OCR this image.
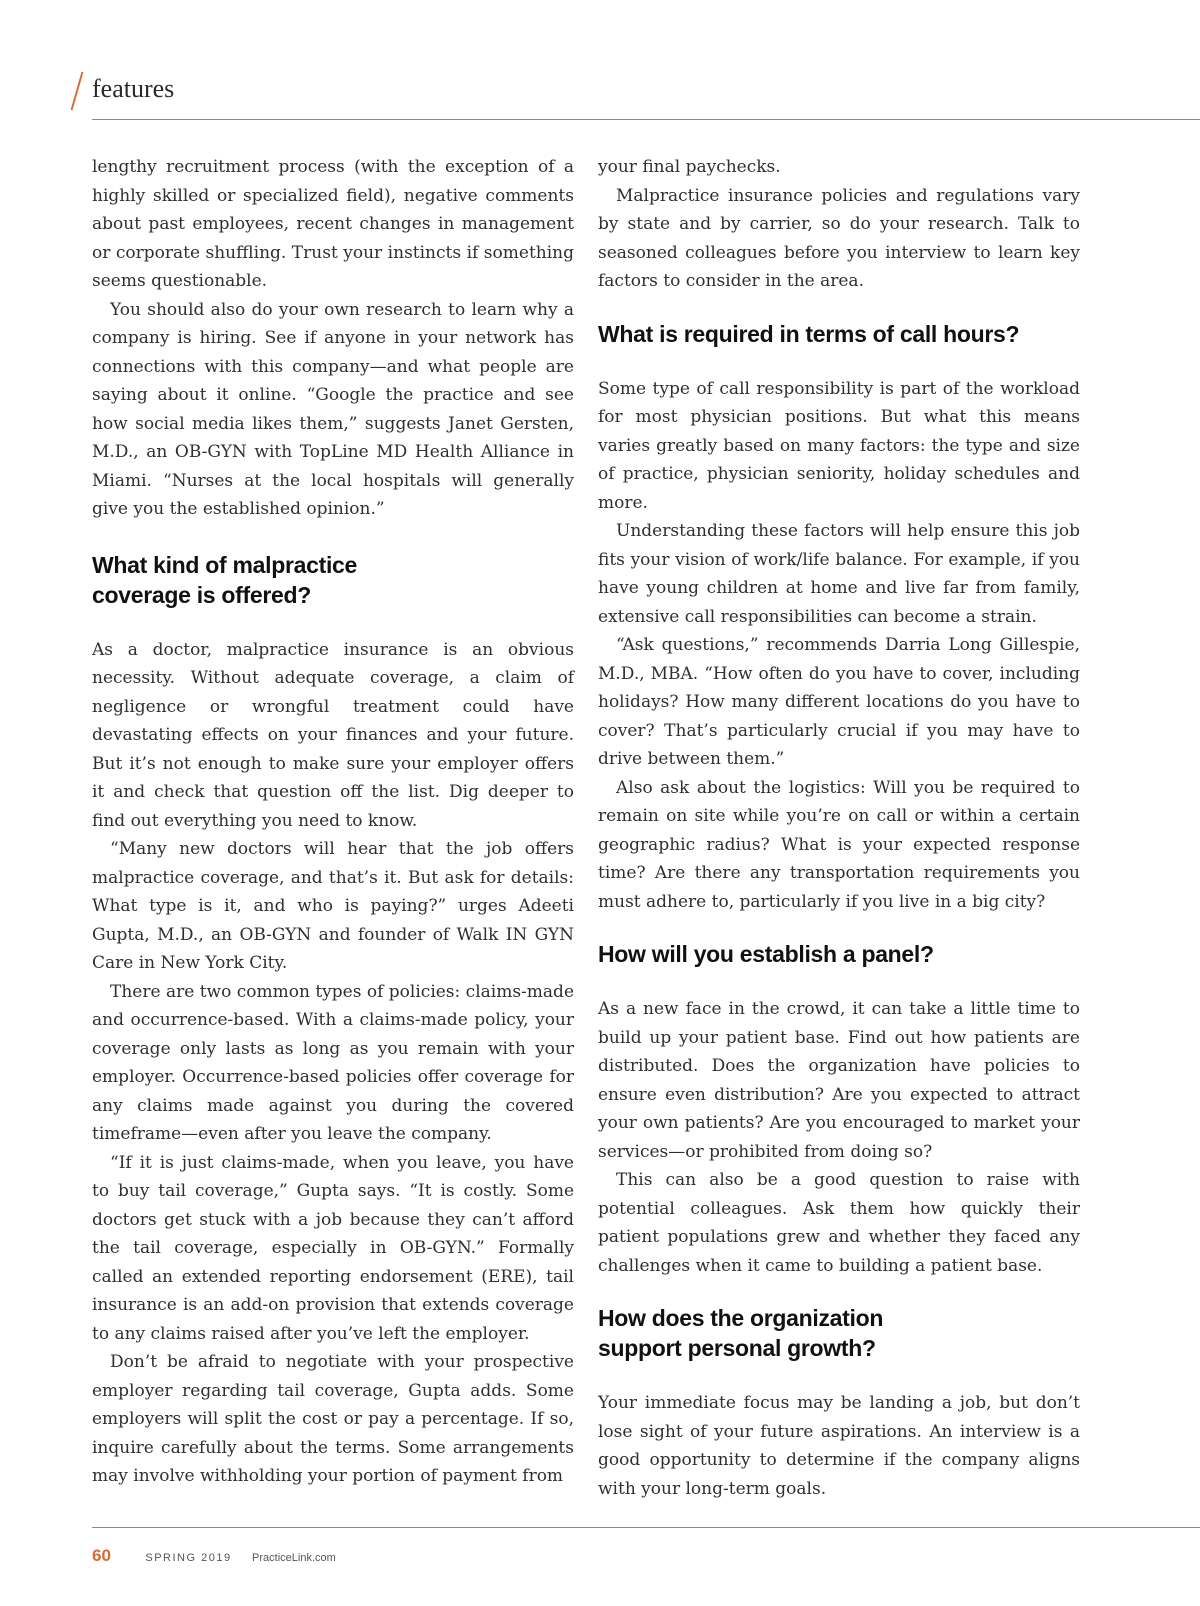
features

lengthy recruitment process (with the exception of a highly skilled or specialized field), negative comments about past employees, recent changes in management or corporate shuffling. Trust your instincts if something seems questionable.

You should also do your own research to learn why a company is hiring. See if anyone in your network has connections with this company—and what people are saying about it online. “Google the practice and see how social media likes them,” suggests Janet Gersten, M.D., an OB-GYN with TopLine MD Health Alliance in Miami. “Nurses at the local hospitals will generally give you the established opinion.”

What kind of malpractice coverage is offered?

As a doctor, malpractice insurance is an obvious necessity. Without adequate coverage, a claim of negligence or wrongful treatment could have devastating effects on your finances and your future. But it’s not enough to make sure your employer offers it and check that question off the list. Dig deeper to find out everything you need to know.

“Many new doctors will hear that the job offers malpractice coverage, and that’s it. But ask for details: What type is it, and who is paying?” urges Adeeti Gupta, M.D., an OB-GYN and founder of Walk IN GYN Care in New York City.

There are two common types of policies: claims-made and occurrence-based. With a claims-made policy, your coverage only lasts as long as you remain with your employer. Occurrence-based policies offer coverage for any claims made against you during the covered timeframe—even after you leave the company.

“If it is just claims-made, when you leave, you have to buy tail coverage,” Gupta says. “It is costly. Some doctors get stuck with a job because they can’t afford the tail coverage, especially in OB-GYN.” Formally called an extended reporting endorsement (ERE), tail insurance is an add-on provision that extends coverage to any claims raised after you’ve left the employer.

Don’t be afraid to negotiate with your prospective employer regarding tail coverage, Gupta adds. Some employers will split the cost or pay a percentage. If so, inquire carefully about the terms. Some arrangements may involve withholding your portion of payment from

your final paychecks.

Malpractice insurance policies and regulations vary by state and by carrier, so do your research. Talk to seasoned colleagues before you interview to learn key factors to consider in the area.

What is required in terms of call hours?

Some type of call responsibility is part of the workload for most physician positions. But what this means varies greatly based on many factors: the type and size of practice, physician seniority, holiday schedules and more.

Understanding these factors will help ensure this job fits your vision of work/life balance. For example, if you have young children at home and live far from family, extensive call responsibilities can become a strain.

“Ask questions,” recommends Darria Long Gillespie, M.D., MBA. “How often do you have to cover, including holidays? How many different locations do you have to cover? That’s particularly crucial if you may have to drive between them.”

Also ask about the logistics: Will you be required to remain on site while you’re on call or within a certain geographic radius? What is your expected response time? Are there any transportation requirements you must adhere to, particularly if you live in a big city?

How will you establish a panel?

As a new face in the crowd, it can take a little time to build up your patient base. Find out how patients are distributed. Does the organization have policies to ensure even distribution? Are you expected to attract your own patients? Are you encouraged to market your services—or prohibited from doing so?

This can also be a good question to raise with potential colleagues. Ask them how quickly their patient populations grew and whether they faced any challenges when it came to building a patient base.

How does the organization support personal growth?

Your immediate focus may be landing a job, but don’t lose sight of your future aspirations. An interview is a good opportunity to determine if the company aligns with your long-term goals.

60	SPRING 2019 PracticeLink.com
